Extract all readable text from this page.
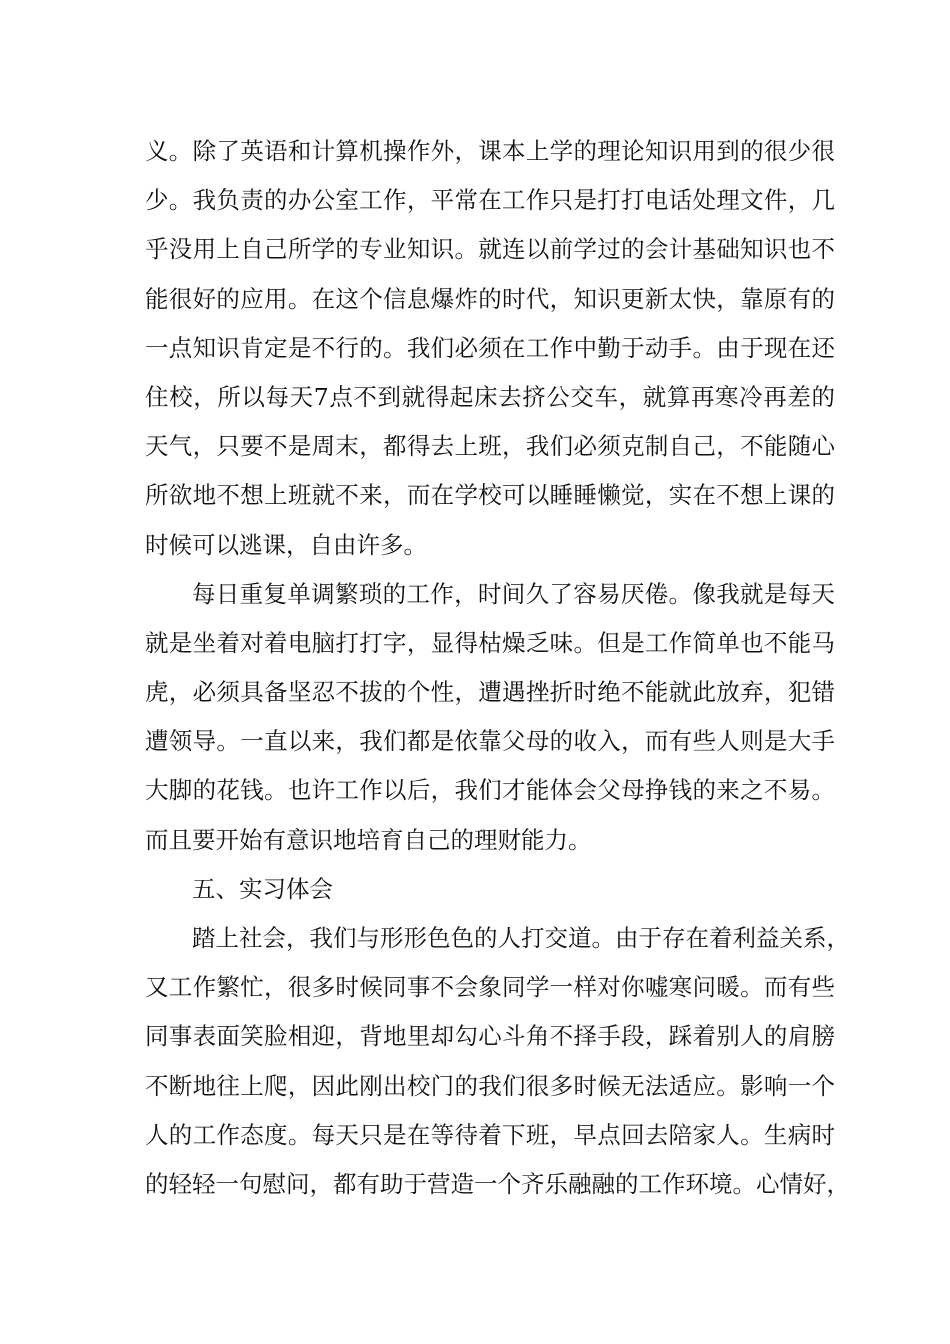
义。除了英语和计算机操作外，课本上学的理论知识用到的很少很
少。我负责的办公室工作，平常在工作只是打打电话处理文件，几
乎没用上自己所学的专业知识。就连以前学过的会计基础知识也不
能很好的应用。在这个信息爆炸的时代，知识更新太快，靠原有的
一点知识肯定是不行的。我们必须在工作中勤于动手。由于现在还
住校，所以每天7点不到就得起床去挤公交车，就算再寒冷再差的
天气，只要不是周末，都得去上班，我们必须克制自己，不能随心
所欲地不想上班就不来，而在学校可以睡睡懒觉，实在不想上课的
时候可以逃课，自由许多。
每日重复单调繁琐的工作，时间久了容易厌倦。像我就是每天
就是坐着对着电脑打打字，显得枯燥乏味。但是工作简单也不能马
虎，必须具备坚忍不拔的个性，遭遇挫折时绝不能就此放弃，犯错
遭领导。一直以来，我们都是依靠父母的收入，而有些人则是大手
大脚的花钱。也许工作以后，我们才能体会父母挣钱的来之不易。
而且要开始有意识地培育自己的理财能力。
五、实习体会
踏上社会，我们与形形色色的人打交道。由于存在着利益关系，
又工作繁忙，很多时候同事不会象同学一样对你嘘寒问暖。而有些
同事表面笑脸相迎，背地里却勾心斗角不择手段，踩着别人的肩膀
不断地往上爬，因此刚出校门的我们很多时候无法适应。影响一个
人的工作态度。每天只是在等待着下班，早点回去陪家人。生病时
的轻轻一句慰问，都有助于营造一个齐乐融融的工作环境。心情好，
